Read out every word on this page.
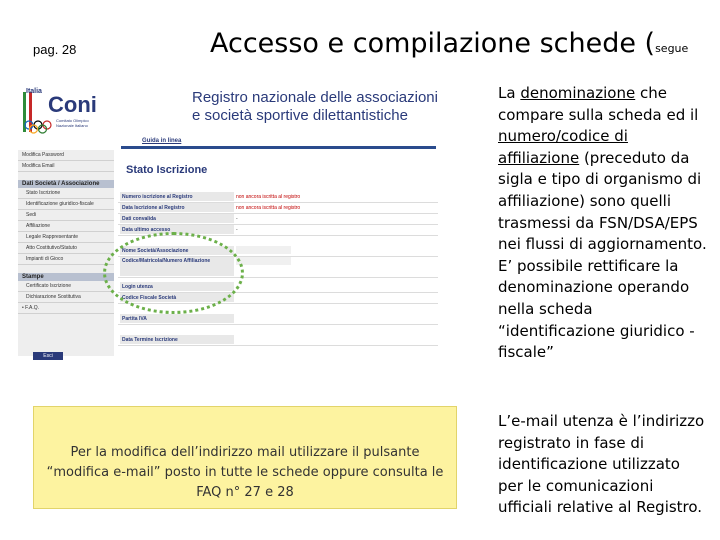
pag. 28	Accesso e compilazione schede (segue
Italia
Coni
Comitato Olimpico Nazionale Italiano
Registro nazionale delle associazioni
e società sportive dilettantistiche
Guida in linea
Modifica Password
Modifica Email
Dati Società / Associazione
Stato Iscrizione
Identificazione giuridico-fiscale
Sedi
Affiliazione
Legale Rappresentante
Atto Costitutivo/Statuto
Impianti di Gioco
Stampe
Certificato Iscrizione
Dichiarazione Sostitutiva
• F.A.Q.
Esci
Stato Iscrizione
Numero iscrizione al Registro	non ancora iscritta al registro
Data Iscrizione al Registro	non ancora iscritta al registro
Dati convalida	-
Data ultimo accesso	-
Nome Società/Associazione
Codice/Matricola/Numero Affiliazione
Login utenza
Codice Fiscale Società
Partita IVA
Data Termine Iscrizione
Per la modifica dell’indirizzo mail utilizzare il pulsante “modifica e-mail” posto in tutte le schede oppure consulta le FAQ n° 27 e 28
La denominazione che compare sulla scheda ed il numero/codice di affiliazione (preceduto da sigla e tipo di organismo di affiliazione) sono quelli trasmessi da FSN/DSA/EPS nei flussi di aggiornamento. E’ possibile rettificare la denominazione operando nella scheda “identificazione giuridico -fiscale”
L’e-mail utenza è l’indirizzo registrato in fase di identificazione utilizzato per le comunicazioni ufficiali relative al Registro.
